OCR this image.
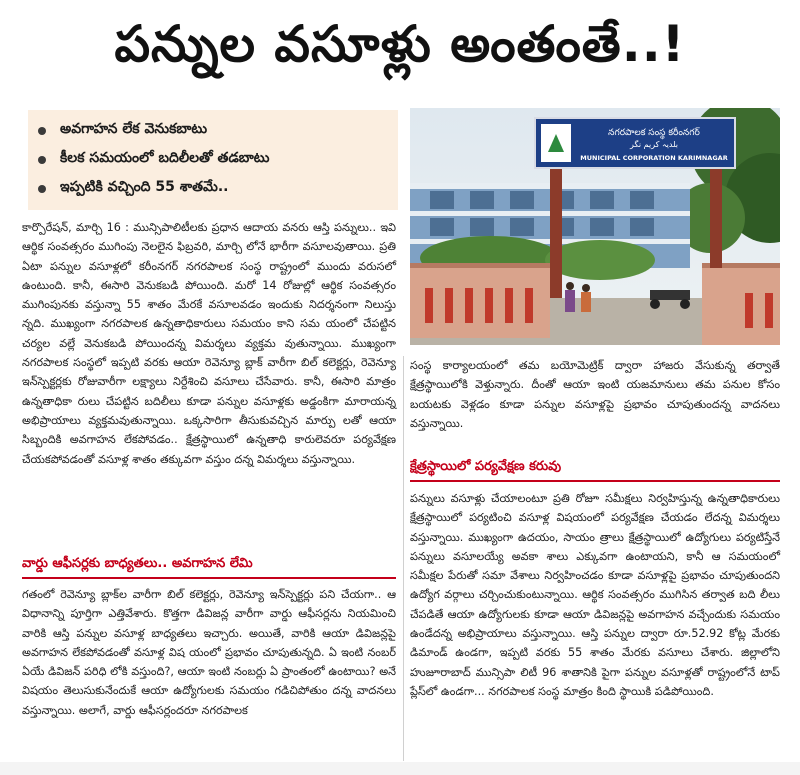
పన్నుల వసూళ్లు అంతంతే..!
అవగాహన లేక వెనుకబాటు
కీలక సమయంలో బదిలీలతో తడబాటు
ఇప్పటికి వచ్చింది 55 శాతమే..
నగరపాలక సంస్థ కరీంనగర్
بلدیہ کریم نگر
MUNICIPAL CORPORATION KARIMNAGAR

కార్పొరేషన్, మార్చి 16 : మున్సిపాలిటీలకు ప్రధాన ఆదాయ వనరు ఆస్తి పన్నులు.. ఇవి ఆర్థిక సంవత్సరం ముగింపు నెలలైన ఫిబ్రవరి, మార్చి లోనే భారీగా వసూలవుతాయి. ప్రతి ఏటా పన్నుల వసూళ్లలో కరీంనగర్ నగరపాలక సంస్థ రాష్ట్రంలో ముందు వరుసలో ఉంటుంది. కానీ, ఈసారి వెనుకబడి పోయింది. మరో 14 రోజుల్లో ఆర్థిక సంవత్సరం ముగింపునకు వస్తున్నా 55 శాతం మేరకే వసూలవడం ఇందుకు నిదర్శనంగా నిలుస్తు న్నది. ముఖ్యంగా నగరపాలక ఉన్నతాధికారులు సమయం కాని సమ యంలో చేపట్టిన చర్యల వల్లే వెనుకబడి పోయిందన్న విమర్శలు వ్యక్తమ వుతున్నాయి. ముఖ్యంగా నగరపాలక సంస్థలో ఇప్పటి వరకు ఆయా రెవెన్యూ బ్లాక్ వారీగా బిల్ కలెక్టర్లు, రెవెన్యూ ఇన్‌స్పెక్టర్లకు రోజువారీగా లక్ష్యాలు నిర్దేశించి వసూలు చేసేవారు. కానీ, ఈసారి మాత్రం ఉన్నతాధికా రులు చేపట్టిన బదిలీలు కూడా పన్నుల వసూళ్లకు అడ్డంకిగా మారాయన్న అభిప్రాయాలు వ్యక్తమవుతున్నాయి. ఒక్కసారిగా తీసుకువచ్చిన మార్పు లతో ఆయా సిబ్బందికి అవగాహన లేకపోవడం.. క్షేత్రస్థాయిలో ఉన్నతాధి కారులెవరూ పర్యవేక్షణ చేయకపోవడంతో వసూళ్ల శాతం తక్కువగా వస్తుం దన్న విమర్శలు వస్తున్నాయి.

వార్డు ఆఫీసర్లకు బాధ్యతలు.. అవగాహన లేమి

గతంలో రెవెన్యూ బ్లాక్‌ల వారీగా బిల్ కలెక్టర్లు, రెవెన్యూ ఇన్‌స్పెక్టర్లు పని చేయగా.. ఆ విధానాన్ని పూర్తిగా ఎత్తివేశారు. కొత్తగా డివిజన్ల వారీగా వార్డు ఆఫీసర్లను నియమించి వారికి ఆస్తి పన్నుల వసూళ్ల బాధ్యతలు ఇచ్చారు. అయితే, వారికి ఆయా డివిజన్లపై అవగాహన లేకపోవడంతో వసూళ్ల విష యంలో ప్రభావం చూపుతున్నది. ఏ ఇంటి నంబర్ ఏయే డివిజన్ పరిధి లోకి వస్తుంది?, ఆయా ఇంటి నంబర్లు ఏ ప్రాంతంలో ఉంటాయి? అనే విషయం తెలుసుకునేందుకే ఆయా ఉద్యోగులకు సమయం గడిచిపోతుం దన్న వాదనలు వస్తున్నాయి. అలాగే, వార్డు ఆఫీసర్లందరూ నగరపాలక

సంస్థ కార్యాలయంలో తమ బయోమెట్రిక్ ద్వారా హాజరు వేసుకున్న తర్వాతే క్షేత్రస్థాయిలోకి వెళ్తున్నారు. దీంతో ఆయా ఇంటి యజమానులు తమ పనుల కోసం బయటకు వెళ్లడం కూడా పన్నుల వసూళ్లపై ప్రభావం చూపుతుందన్న వాదనలు వస్తున్నాయి.

క్షేత్రస్థాయిలో పర్యవేక్షణ కరువు

పన్నులు వసూళ్లు చేయాలంటూ ప్రతి రోజూ సమీక్షలు నిర్వహిస్తున్న ఉన్నతాధికారులు క్షేత్రస్థాయిలో పర్యటించి వసూళ్ల విషయంలో పర్యవేక్షణ చేయడం లేదన్న విమర్శలు వస్తున్నాయి. ముఖ్యంగా ఉదయం, సాయం త్రాలు క్షేత్రస్థాయిలో ఉద్యోగులు పర్యటిస్తేనే పన్నులు వసూలయ్యే అవకా శాలు ఎక్కువగా ఉంటాయని, కానీ ఆ సమయంలో సమీక్షల పేరుతో సమా వేశాలు నిర్వహించడం కూడా వసూళ్లపై ప్రభావం చూపుతుందని ఉద్యోగ వర్గాలు చర్చించుకుంటున్నాయి. ఆర్థిక సంవత్సరం ముగిసిన తర్వాత బది లీలు చేపడితే ఆయా ఉద్యోగులకు కూడా ఆయా డివిజన్లపై అవగాహన వచ్చేందుకు సమయం ఉండేదన్న అభిప్రాయాలు వస్తున్నాయి. ఆస్తి పన్నుల ద్వారా రూ.52.92 కోట్ల మేరకు డిమాండ్ ఉండగా, ఇప్పటి వరకు 55 శాతం మేరకు వసూలు చేశారు. జిల్లాలోని హుజూరాబాద్ మున్సిపా లిటీ 96 శాతానికి పైగా పన్నుల వసూళ్లతో రాష్ట్రంలోనే టాప్ ప్లేస్‌లో ఉండగా... నగరపాలక సంస్థ మాత్రం కింది స్థాయికి పడిపోయింది.
